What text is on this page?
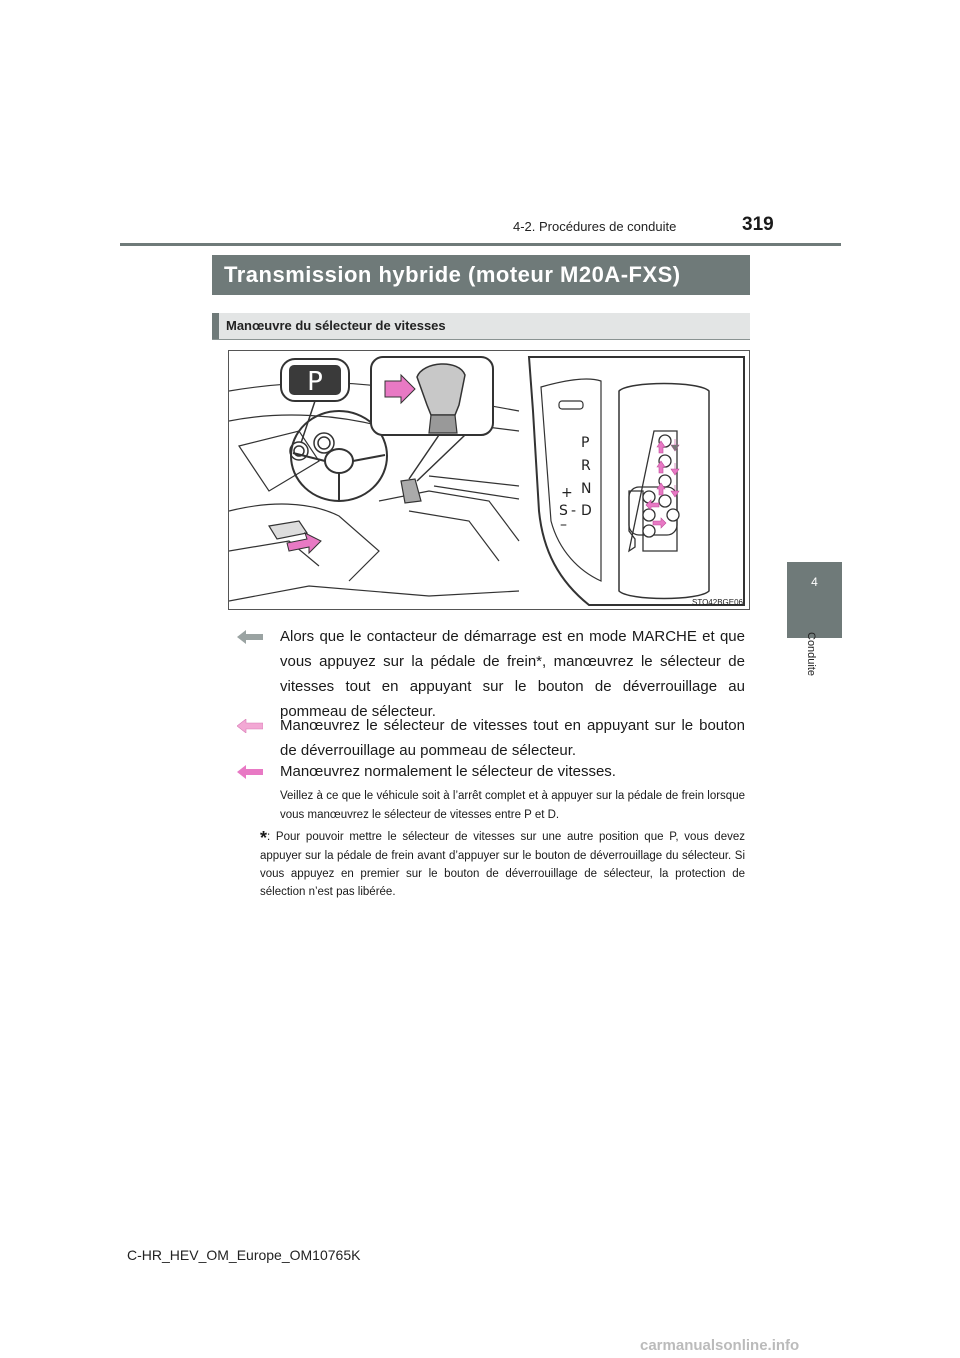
4-2. Procédures de conduite	319
4
Conduite
Transmission hybride (moteur M20A-FXS)
Manœuvre du sélecteur de vitesses
P
P
R
N
D
+
S -
–
STO42BGE06
Alors que le contacteur de démarrage est en mode MARCHE et que vous appuyez sur la pédale de frein*, manœuvrez le sélecteur de vitesses tout en appuyant sur le bouton de déverrouillage au pommeau de sélecteur.
Manœuvrez le sélecteur de vitesses tout en appuyant sur le bouton de déverrouillage au pommeau de sélecteur.
Manœuvrez normalement le sélecteur de vitesses.
Veillez à ce que le véhicule soit à l’arrêt complet et à appuyer sur la pédale de frein lorsque vous manœuvrez le sélecteur de vitesses entre P et D.
*: Pour pouvoir mettre le sélecteur de vitesses sur une autre position que P, vous devez appuyer sur la pédale de frein avant d’appuyer sur le bouton de déverrouillage du sélecteur. Si vous appuyez en premier sur le bouton de déverrouillage de sélecteur, la protection de sélection n’est pas libérée.
C-HR_HEV_OM_Europe_OM10765K
carmanualsonline.info
